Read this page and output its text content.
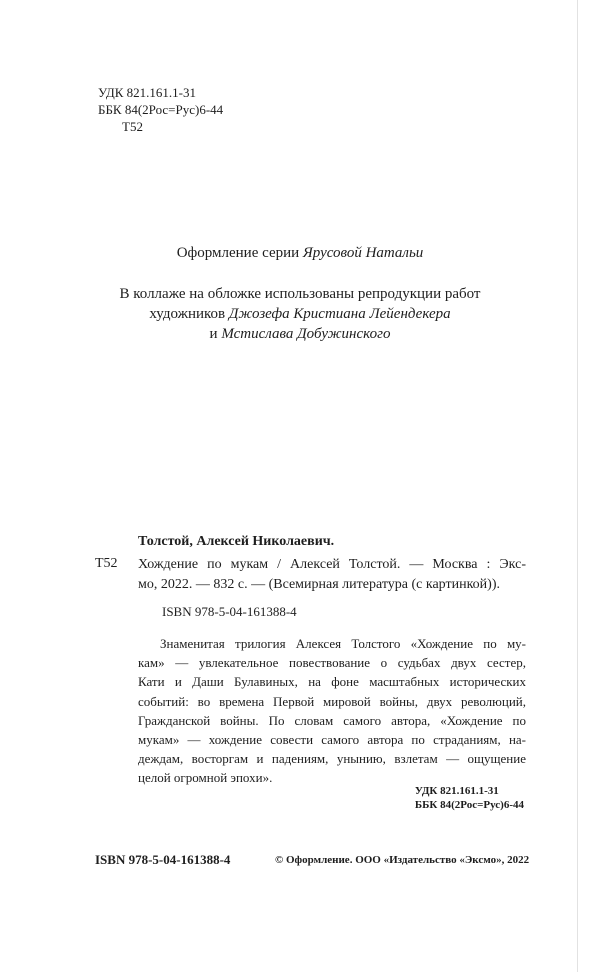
УДК 821.161.1-31
ББК 84(2Рос=Рус)6-44
Т52
Оформление серии Ярусовой Натальи
В коллаже на обложке использованы репродукции работ
художников Джозефа Кристиана Лейендекера
и Мстислава Добужинского
Толстой, Алексей Николаевич.
Т52 Хождение по мукам / Алексей Толстой. — Москва : Экс-
мо, 2022. — 832 с. — (Всемирная литература (с картинкой)).
ISBN 978-5-04-161388-4
Знаменитая трилогия Алексея Толстого «Хождение по му-
кам» — увлекательное повествование о судьбах двух сестер,
Кати и Даши Булавиных, на фоне масштабных исторических
событий: во времена Первой мировой войны, двух революций,
Гражданской войны. По словам самого автора, «Хождение по
мукам» — хождение совести самого автора по страданиям, на-
деждам, восторгам и падениям, унынию, взлетам — ощущение
целой огромной эпохи».
УДК 821.161.1-31
ББК 84(2Рос=Рус)6-44
ISBN 978-5-04-161388-4	© Оформление. ООО «Издательство «Эксмо», 2022
